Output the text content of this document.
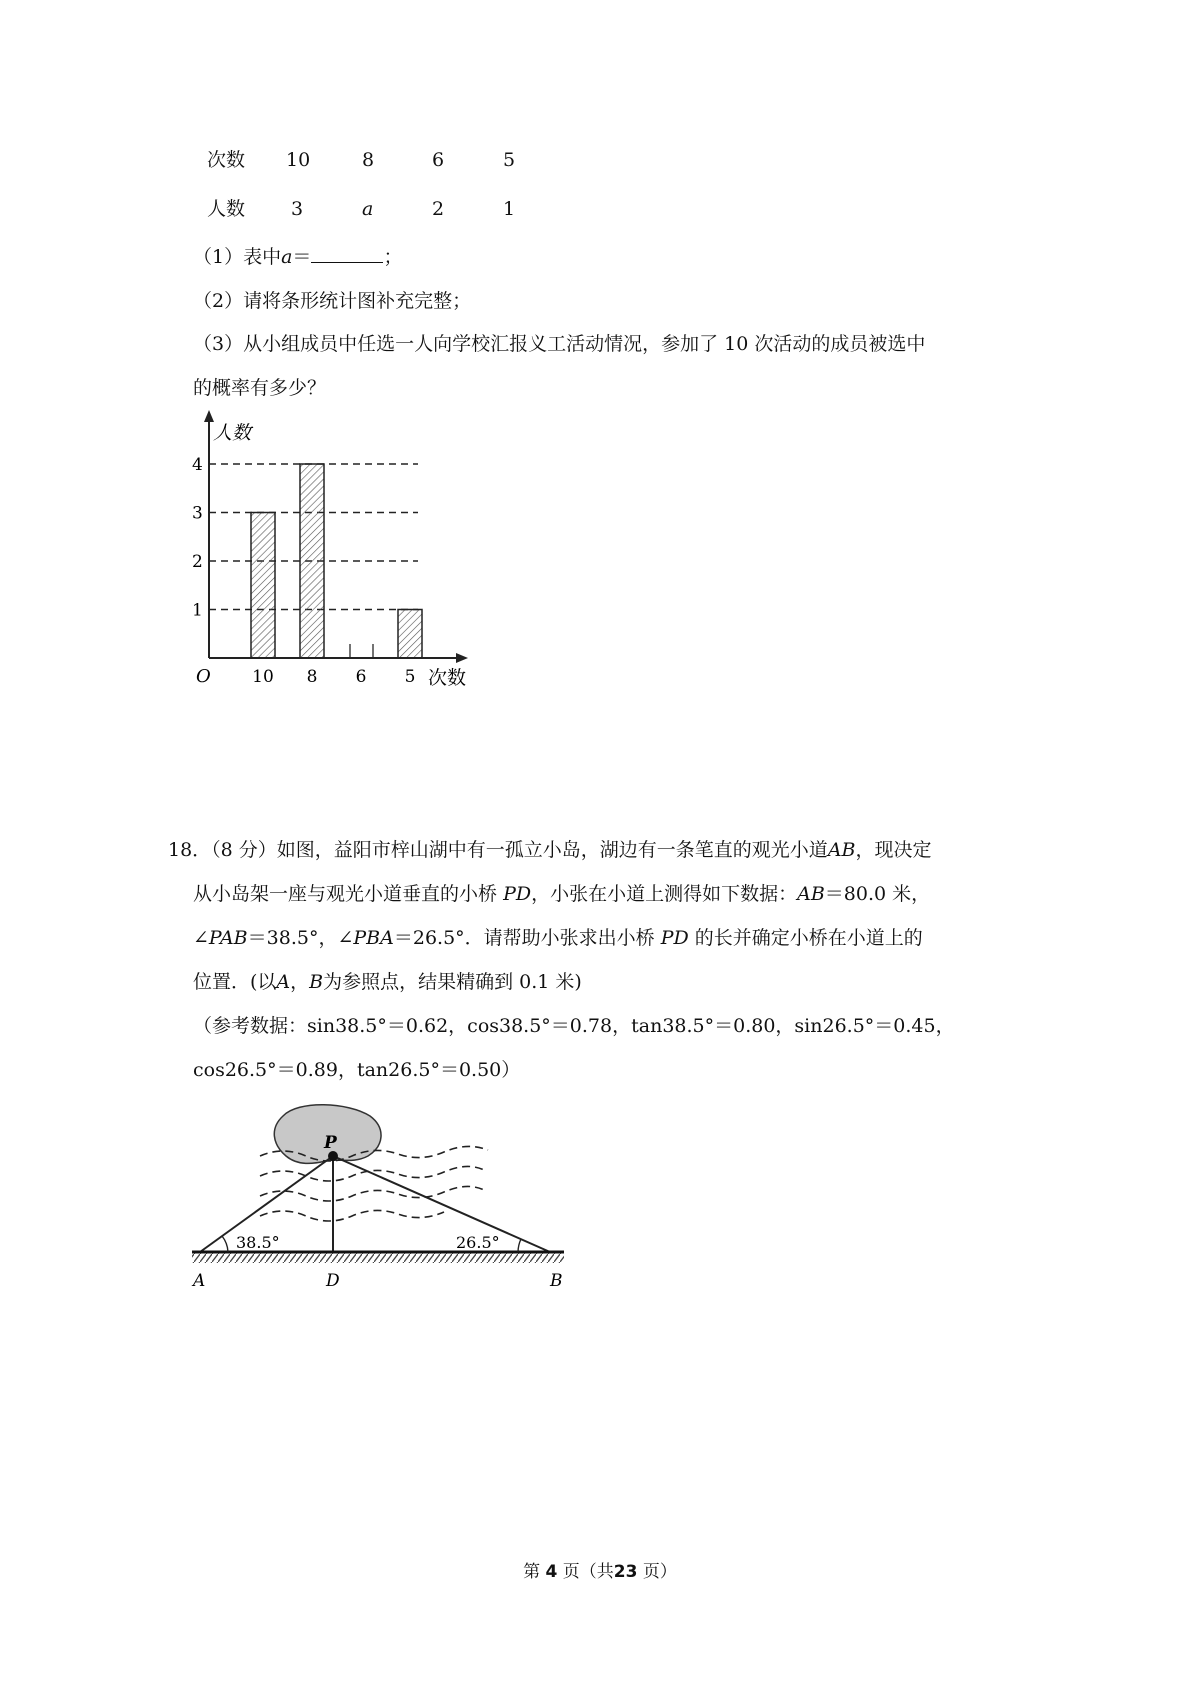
次数 10	8	6	5
人数 3	a	2	1
（1）表中a＝	；
（2）请将条形统计图补充完整；
（3）从小组成员中任选一人向学校汇报义工活动情况，参加了 10 次活动的成员被选中
的概率有多少？
人数
次数
O
1
2
3
4
10 8 6 5
18．（8 分）如图，益阳市梓山湖中有一孤立小岛，湖边有一条笔直的观光小道AB，现决定
从小岛架一座与观光小道垂直的小桥 PD，小张在小道上测得如下数据：AB＝80.0 米，
∠PAB＝38.5°，∠PBA＝26.5°．请帮助小张求出小桥 PD 的长并确定小桥在小道上的
位置．(以A，B为参照点，结果精确到 0.1 米)
（参考数据：sin38.5°＝0.62，cos38.5°＝0.78，tan38.5°＝0.80，sin26.5°＝0.45，
cos26.5°＝0.89，tan26.5°＝0.50）
P
A	D	B
38.5°	26.5°
第 4 页（共23 页）
